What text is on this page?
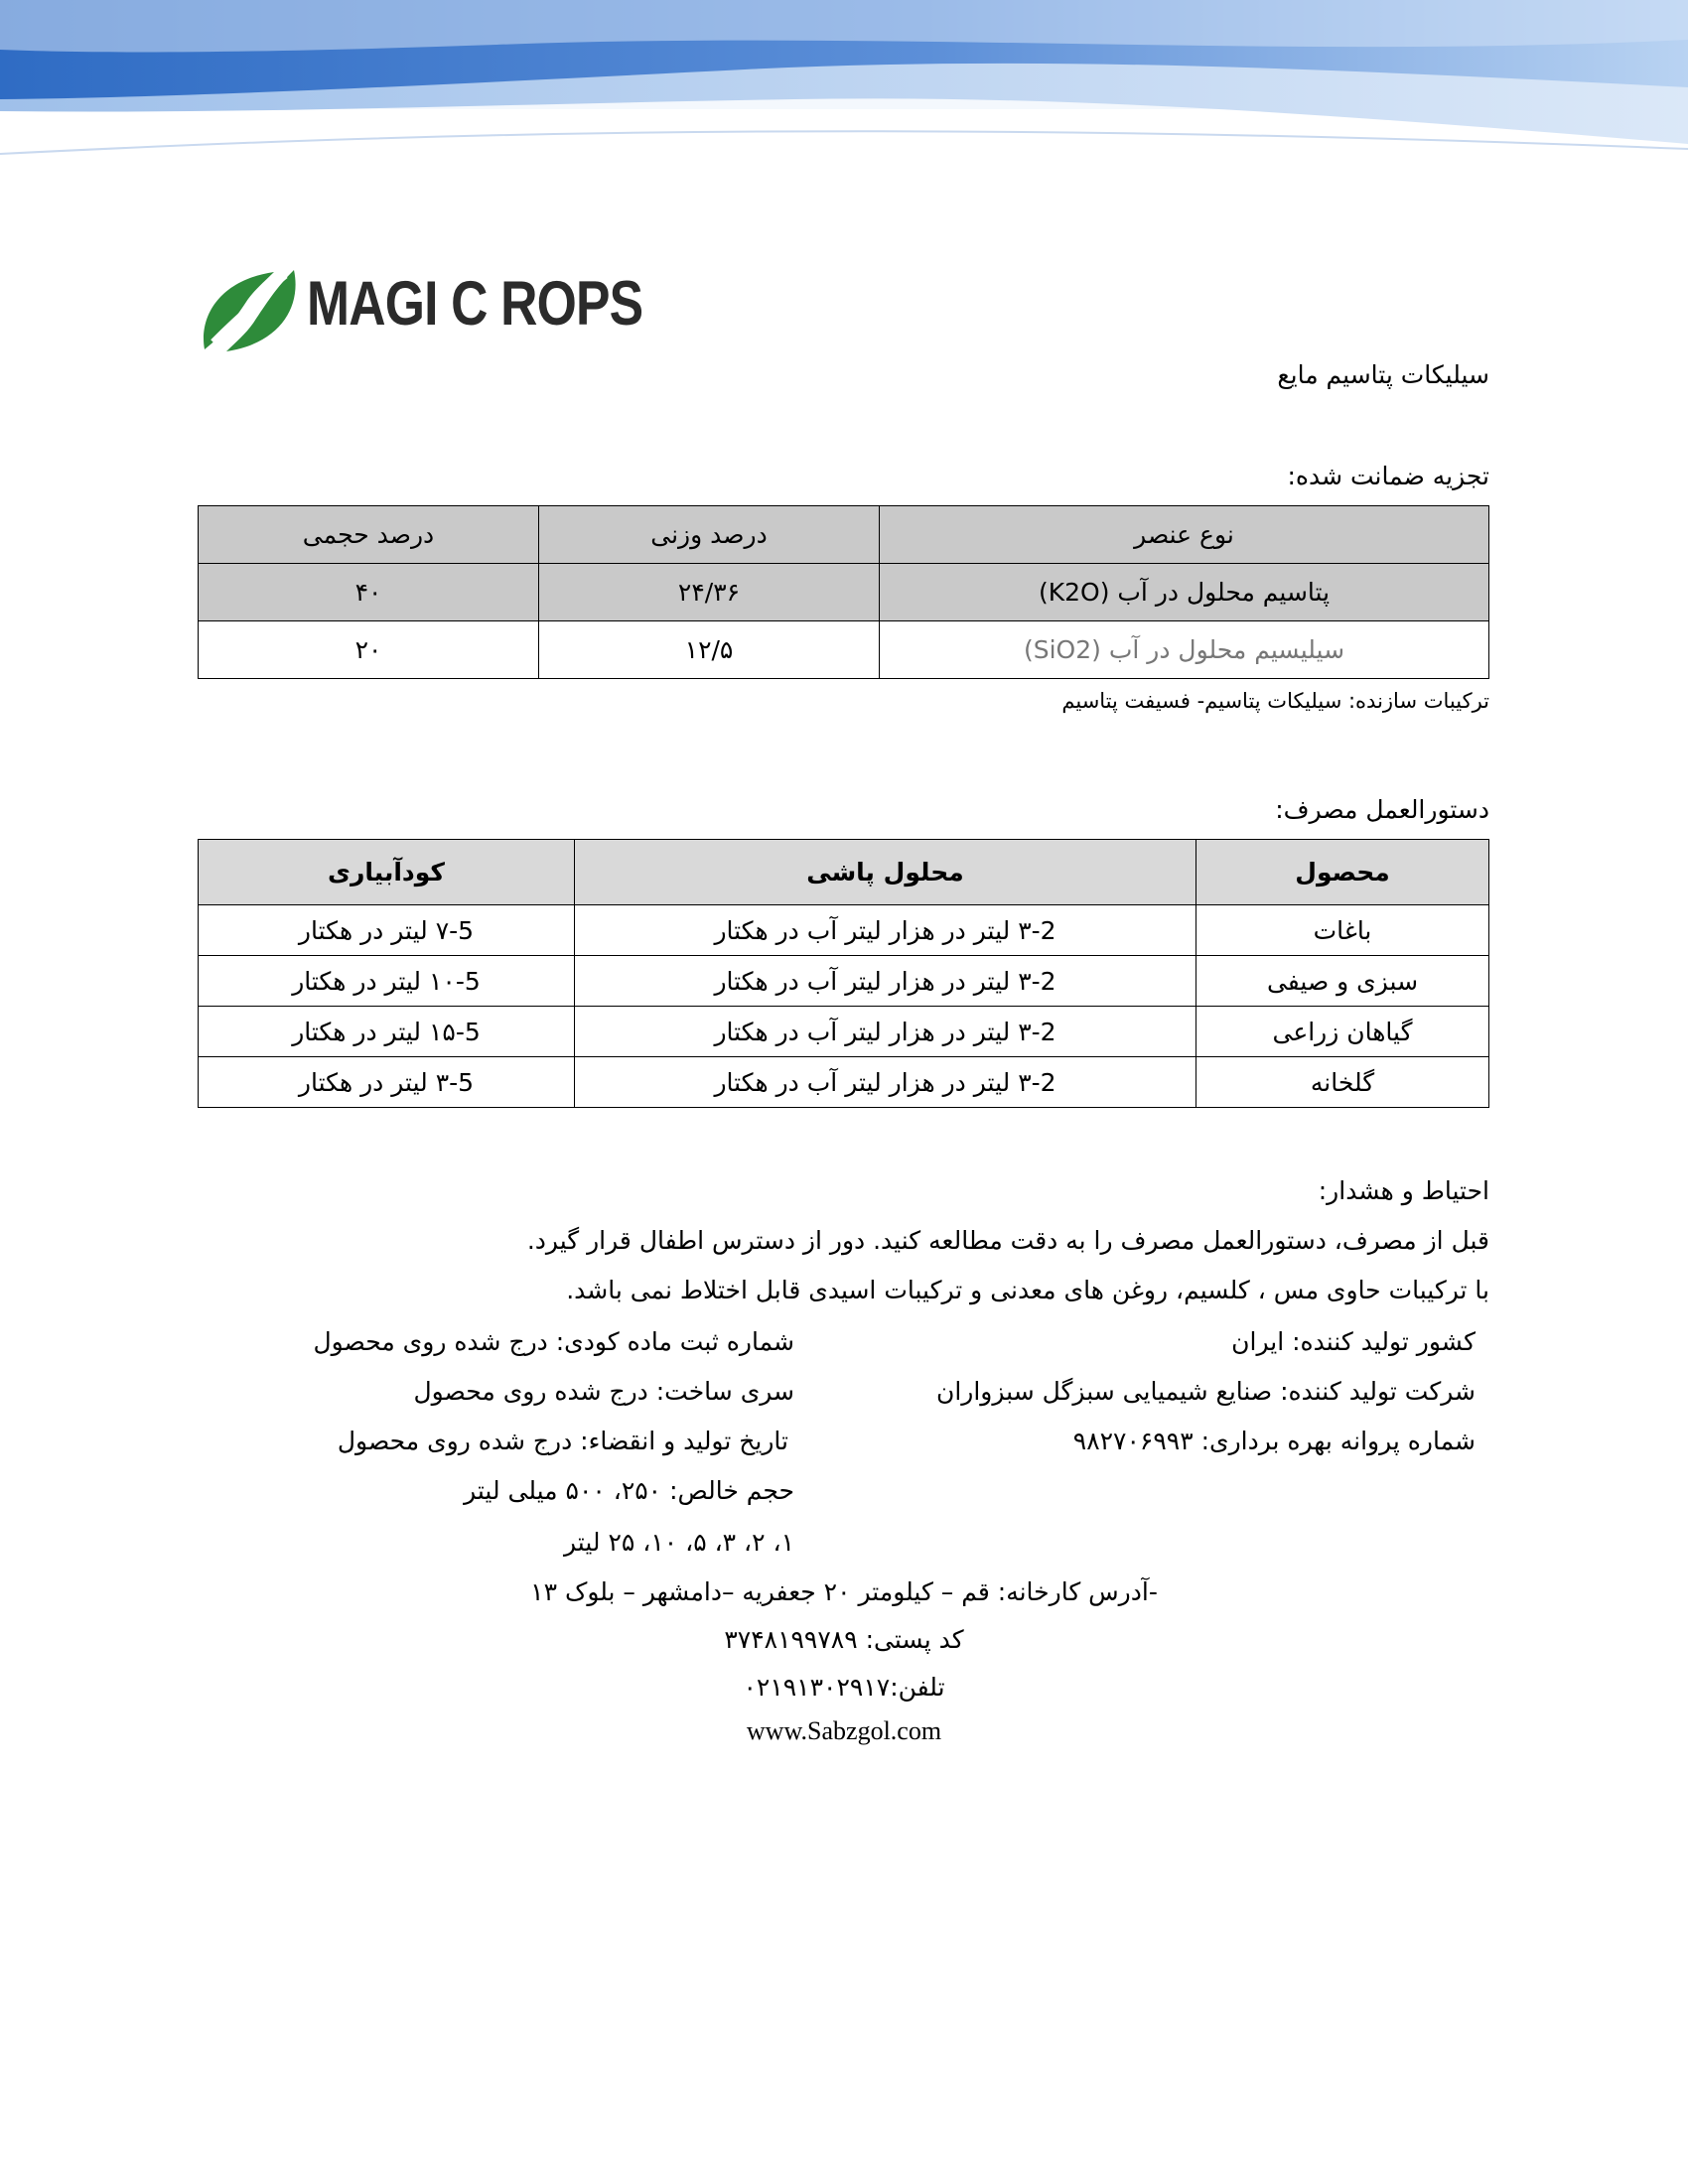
MAGI C ROPS
سیلیکات پتاسیم مایع
تجزیه ضمانت شده:
نوع عنصر	درصد وزنی	درصد حجمی
پتاسیم محلول در آب (K2O)	۲۴/۳۶	۴۰
سیلیسیم محلول در آب (SiO2)	۱۲/۵	۲۰
ترکیبات سازنده: سیلیکات پتاسیم- فسیفت پتاسیم
دستورالعمل مصرف:
محصول	محلول پاشی	کودآبیاری
باغات	۳-2 لیتر در هزار لیتر آب در هکتار	۷-5 لیتر در هکتار
سبزی و صیفی	۳-2 لیتر در هزار لیتر آب در هکتار	۱۰-5 لیتر در هکتار
گیاهان زراعی	۳-2 لیتر در هزار لیتر آب در هکتار	۱۵-5 لیتر در هکتار
گلخانه	۳-2 لیتر در هزار لیتر آب در هکتار	۳-5 لیتر در هکتار
احتیاط و هشدار:
قبل از مصرف، دستورالعمل مصرف را به دقت مطالعه کنید. دور از دسترس اطفال قرار گیرد.
با ترکیبات حاوی مس ، کلسیم، روغن های معدنی و ترکیبات اسیدی قابل اختلاط نمی باشد.
کشور تولید کننده: ایران
شرکت تولید کننده: صنایع شیمیایی سبزگل سبزواران
شماره پروانه بهره برداری: ۹۸۲۷۰۶۹۹۳
شماره ثبت ماده کودی: درج شده روی محصول
سری ساخت: درج شده روی محصول
تاریخ تولید و انقضاء: درج شده روی محصول
حجم خالص: ۲۵۰، ۵۰۰ میلی لیتر
۱، ۲، ۳، ۵، ۱۰، ۲۵ لیتر
-آدرس کارخانه: قم – کیلومتر ۲۰ جعفریه –دامشهر – بلوک ۱۳
کد پستی: ۳۷۴۸۱۹۹۷۸۹
تلفن:۰۲۱۹۱۳۰۲۹۱۷
www.Sabzgol.com
